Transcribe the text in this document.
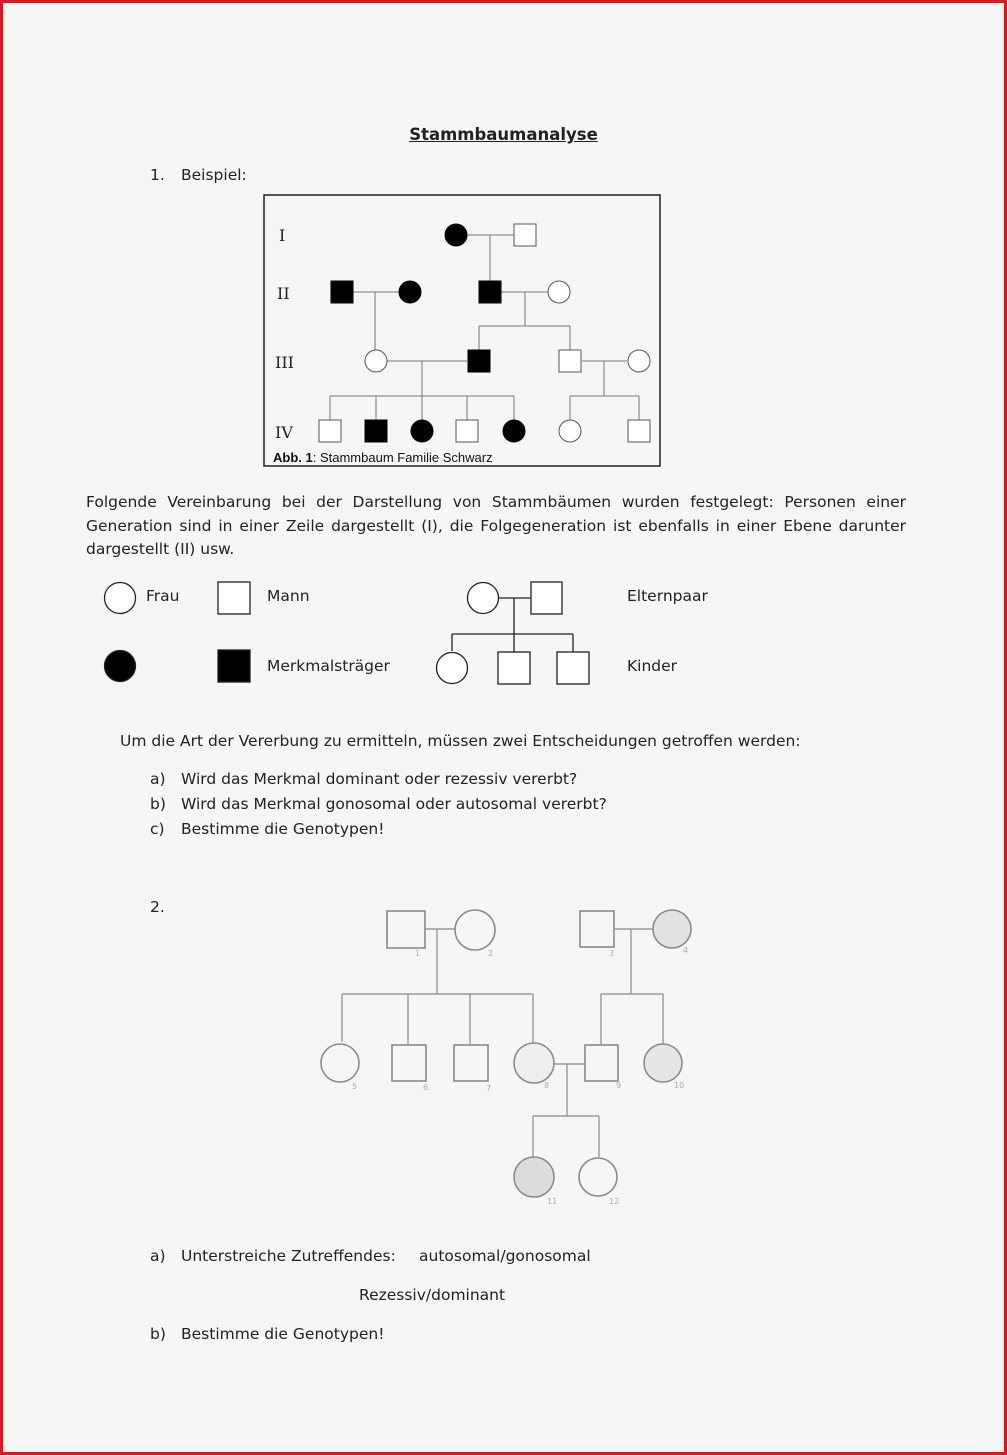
Stammbaumanalyse
1. Beispiel:
I
II
III
IV
Abb. 1: Stammbaum Familie Schwarz
1	2	3	4
5	6	7	8	9	10
11	12
Folgende Vereinbarung bei der Darstellung von Stammbäumen wurden festgelegt: Personen einer Generation sind in einer Zeile dargestellt (I), die Folgegeneration ist ebenfalls in einer Ebene darunter dargestellt (II) usw.
Frau	Mann
Merkmalsträger
Elternpaar
Kinder
Um die Art der Vererbung zu ermitteln, müssen zwei Entscheidungen getroffen werden:
a) Wird das Merkmal dominant oder rezessiv vererbt?
b) Wird das Merkmal gonosomal oder autosomal vererbt?
c) Bestimme die Genotypen!
2.
a) Unterstreiche Zutreffendes: autosomal/gonosomal
Rezessiv/dominant
b) Bestimme die Genotypen!
